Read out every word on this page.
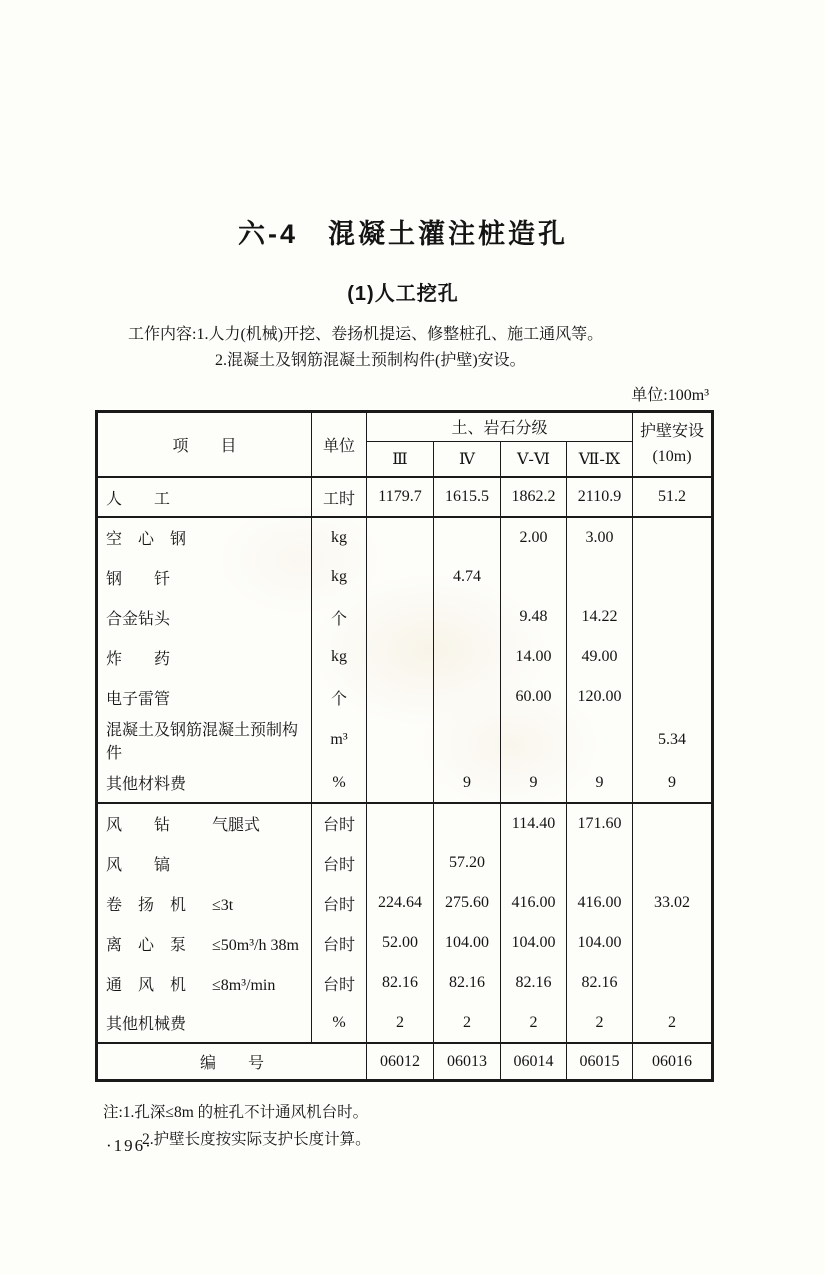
六-4　混凝土灌注桩造孔
(1)人工挖孔
工作内容:1.人力(机械)开挖、卷扬机提运、修整桩孔、施工通风等。
2.混凝土及钢筋混凝土预制构件(护壁)安设。
单位:100m³
项　　目	单位	土、岩石分级				护壁安设
(10m)

		Ⅲ	Ⅳ	Ⅴ-Ⅵ	Ⅶ-Ⅸ	
人　　工	工时	1179.7	1615.5	1862.2	2110.9	51.2
空　心　钢	kg			2.00	3.00	
钢　　钎	kg		4.74			
合金钻头	个			9.48	14.22	
炸　　药	kg			14.00	49.00	
电子雷管	个			60.00	120.00	
混凝土及钢筋混凝土预制构件	m³					5.34
其他材料费	%		9	9	9	9
风　　钻 气腿式	台时			114.40	171.60	
风　　镐	台时		57.20			
卷　扬　机 ≤3t	台时	224.64	275.60	416.00	416.00	33.02
离　心　泵 ≤50m³/h 38m	台时	52.00	104.00	104.00	104.00	
通　风　机 ≤8m³/min	台时	82.16	82.16	82.16	82.16	
其他机械费	%	2	2	2	2	2
编　　号		06012	06013	06014	06015	06016
注:1.孔深≤8m 的桩孔不计通风机台时。
2.护壁长度按实际支护长度计算。
·196·
